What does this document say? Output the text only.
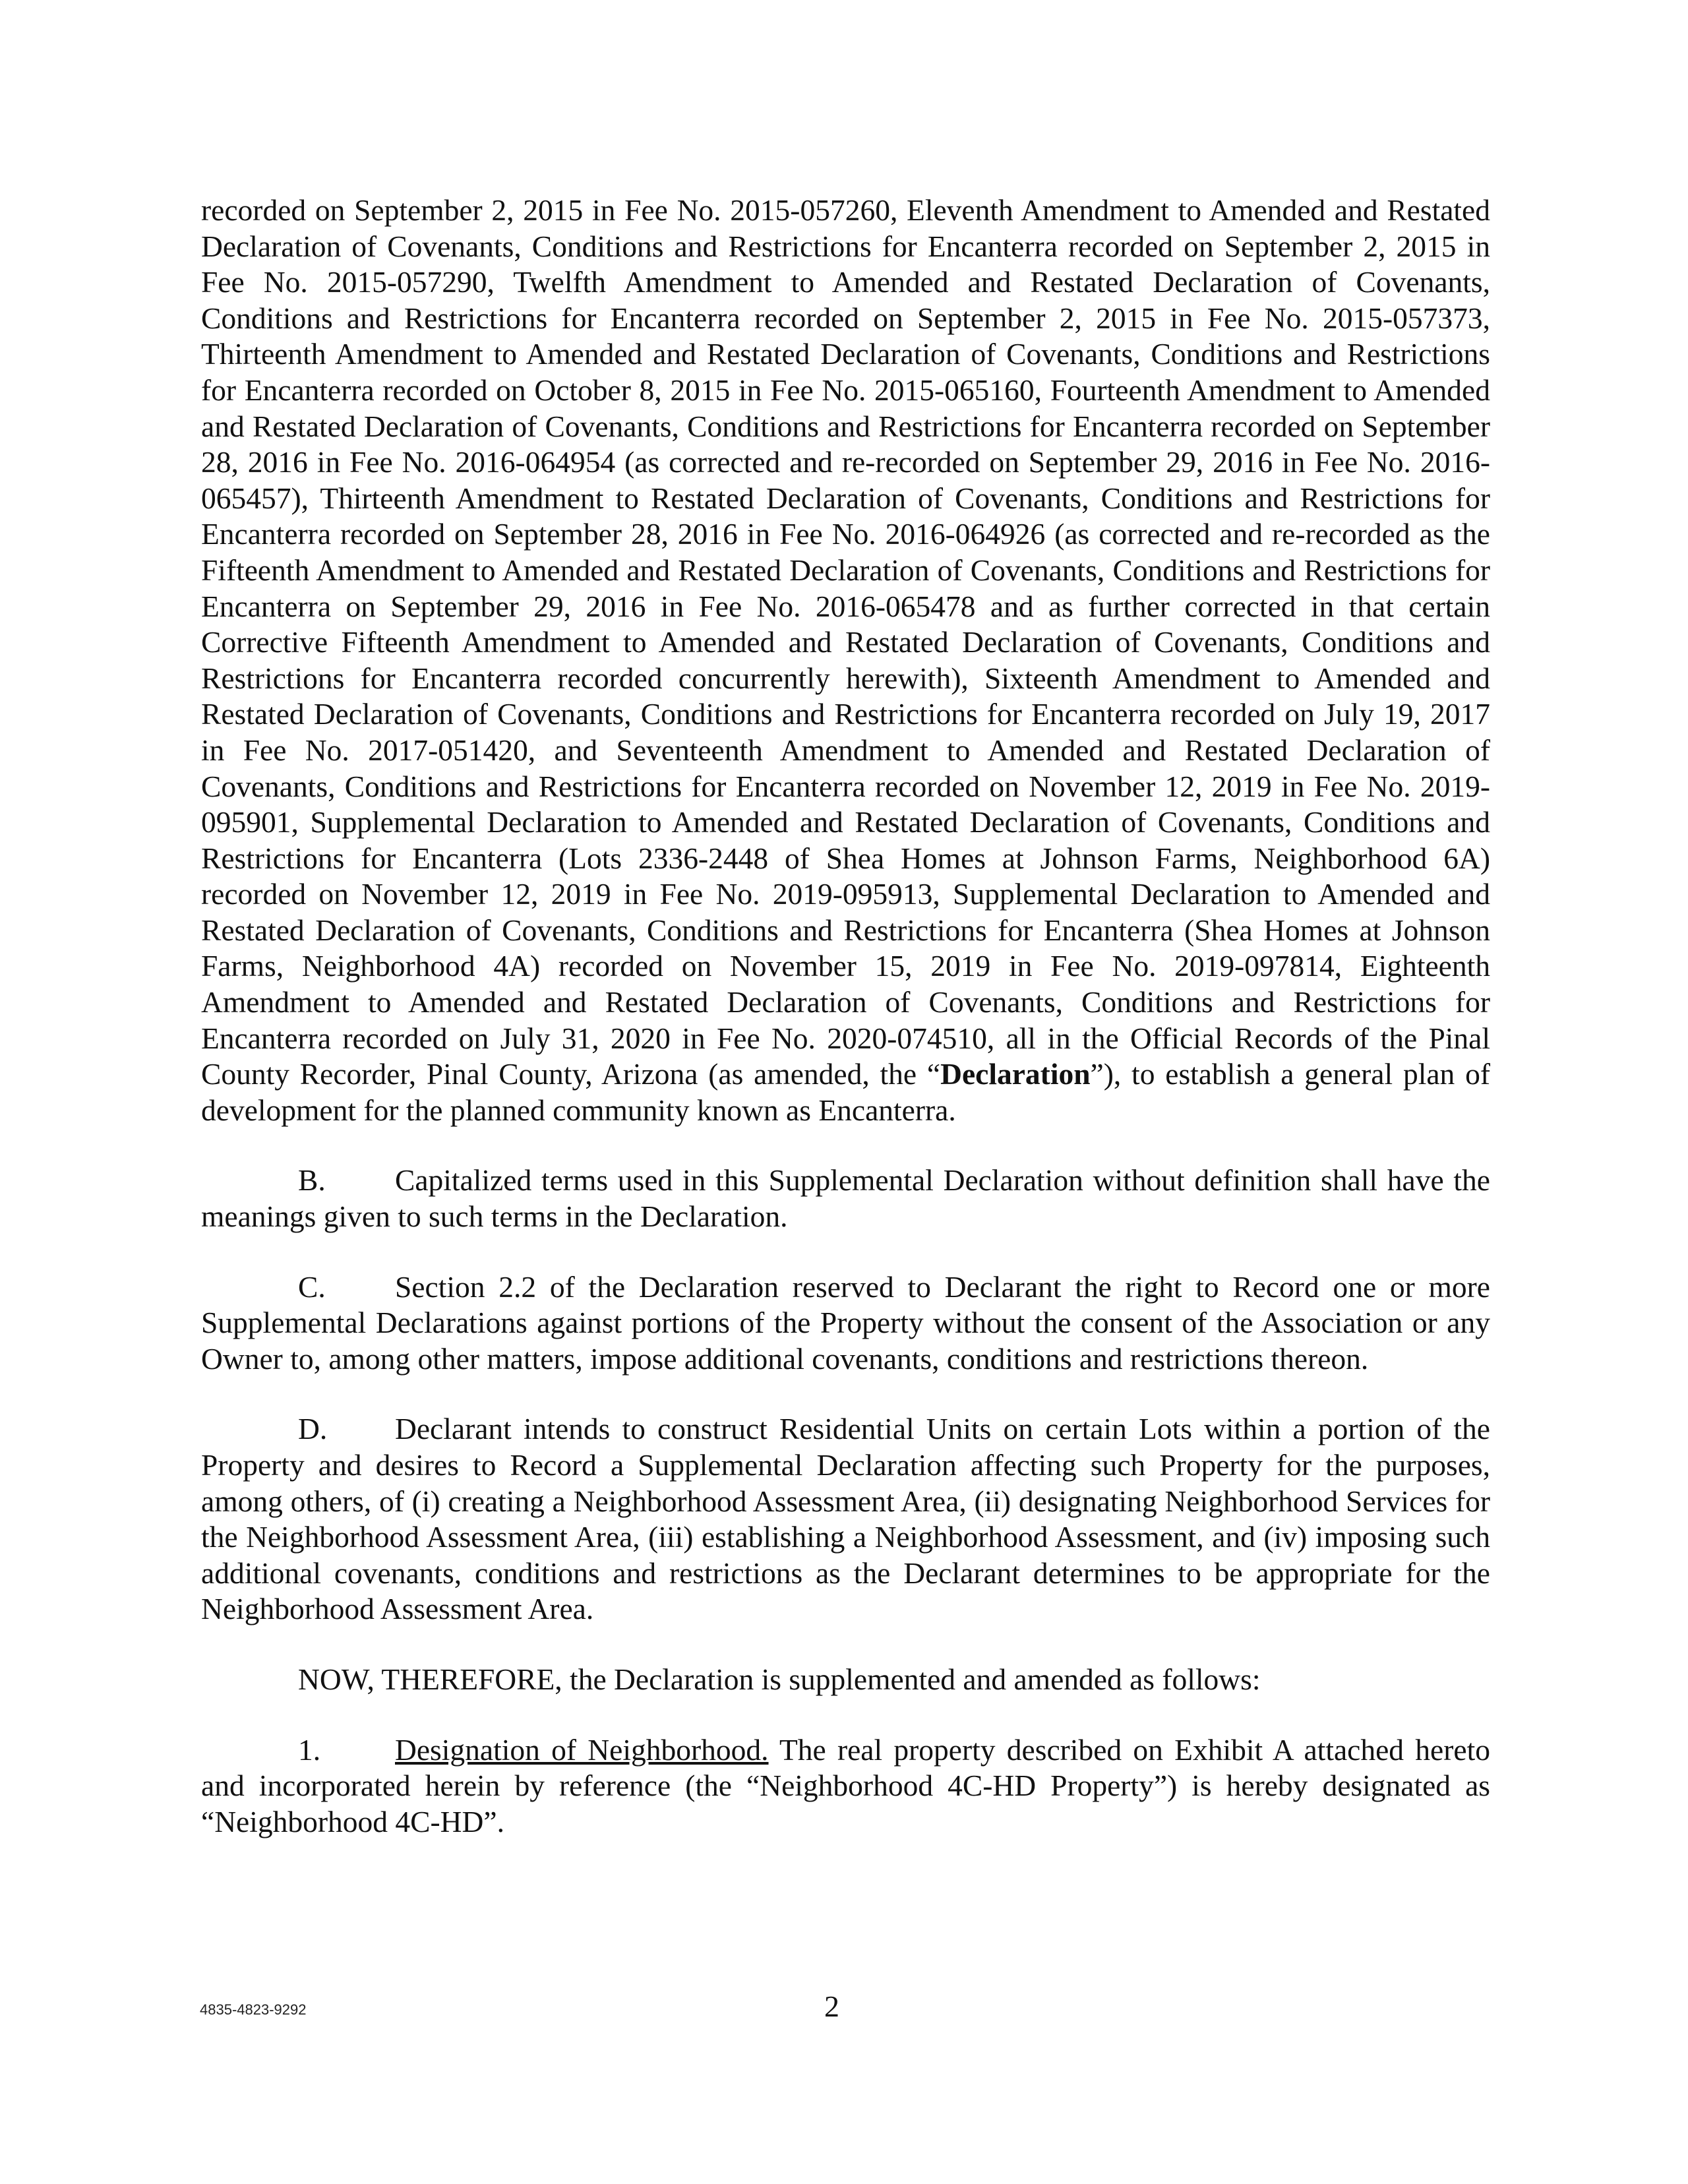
recorded on September 2, 2015 in Fee No. 2015-057260, Eleventh Amendment to Amended and Restated Declaration of Covenants, Conditions and Restrictions for Encanterra recorded on September 2, 2015 in Fee No. 2015-057290, Twelfth Amendment to Amended and Restated Declaration of Covenants, Conditions and Restrictions for Encanterra recorded on September 2, 2015 in Fee No. 2015-057373, Thirteenth Amendment to Amended and Restated Declaration of Covenants, Conditions and Restrictions for Encanterra recorded on October 8, 2015 in Fee No. 2015-065160, Fourteenth Amendment to Amended and Restated Declaration of Covenants, Conditions and Restrictions for Encanterra recorded on September 28, 2016 in Fee No. 2016-064954 (as corrected and re-recorded on September 29, 2016 in Fee No. 2016-065457), Thirteenth Amendment to Restated Declaration of Covenants, Conditions and Restrictions for Encanterra recorded on September 28, 2016 in Fee No. 2016-064926 (as corrected and re-recorded as the Fifteenth Amendment to Amended and Restated Declaration of Covenants, Conditions and Restrictions for Encanterra on September 29, 2016 in Fee No. 2016-065478 and as further corrected in that certain Corrective Fifteenth Amendment to Amended and Restated Declaration of Covenants, Conditions and Restrictions for Encanterra recorded concurrently herewith), Sixteenth Amendment to Amended and Restated Declaration of Covenants, Conditions and Restrictions for Encanterra recorded on July 19, 2017 in Fee No. 2017-051420, and Seventeenth Amendment to Amended and Restated Declaration of Covenants, Conditions and Restrictions for Encanterra recorded on November 12, 2019 in Fee No. 2019-095901, Supplemental Declaration to Amended and Restated Declaration of Covenants, Conditions and Restrictions for Encanterra (Lots 2336-2448 of Shea Homes at Johnson Farms, Neighborhood 6A) recorded on November 12, 2019 in Fee No. 2019-095913, Supplemental Declaration to Amended and Restated Declaration of Covenants, Conditions and Restrictions for Encanterra (Shea Homes at Johnson Farms, Neighborhood 4A) recorded on November 15, 2019 in Fee No. 2019-097814, Eighteenth Amendment to Amended and Restated Declaration of Covenants, Conditions and Restrictions for Encanterra recorded on July 31, 2020 in Fee No. 2020-074510, all in the Official Records of the Pinal County Recorder, Pinal County, Arizona (as amended, the “Declaration”), to establish a general plan of development for the planned community known as Encanterra.

B. Capitalized terms used in this Supplemental Declaration without definition shall have the meanings given to such terms in the Declaration.

C. Section 2.2 of the Declaration reserved to Declarant the right to Record one or more Supplemental Declarations against portions of the Property without the consent of the Association or any Owner to, among other matters, impose additional covenants, conditions and restrictions thereon.

D. Declarant intends to construct Residential Units on certain Lots within a portion of the Property and desires to Record a Supplemental Declaration affecting such Property for the purposes, among others, of (i) creating a Neighborhood Assessment Area, (ii) designating Neighborhood Services for the Neighborhood Assessment Area, (iii) establishing a Neighborhood Assessment, and (iv) imposing such additional covenants, conditions and restrictions as the Declarant determines to be appropriate for the Neighborhood Assessment Area.

NOW, THEREFORE, the Declaration is supplemented and amended as follows:

1. Designation of Neighborhood. The real property described on Exhibit A attached hereto and incorporated herein by reference (the “Neighborhood 4C-HD Property”) is hereby designated as “Neighborhood 4C-HD”.

4835-4823-9292	2
